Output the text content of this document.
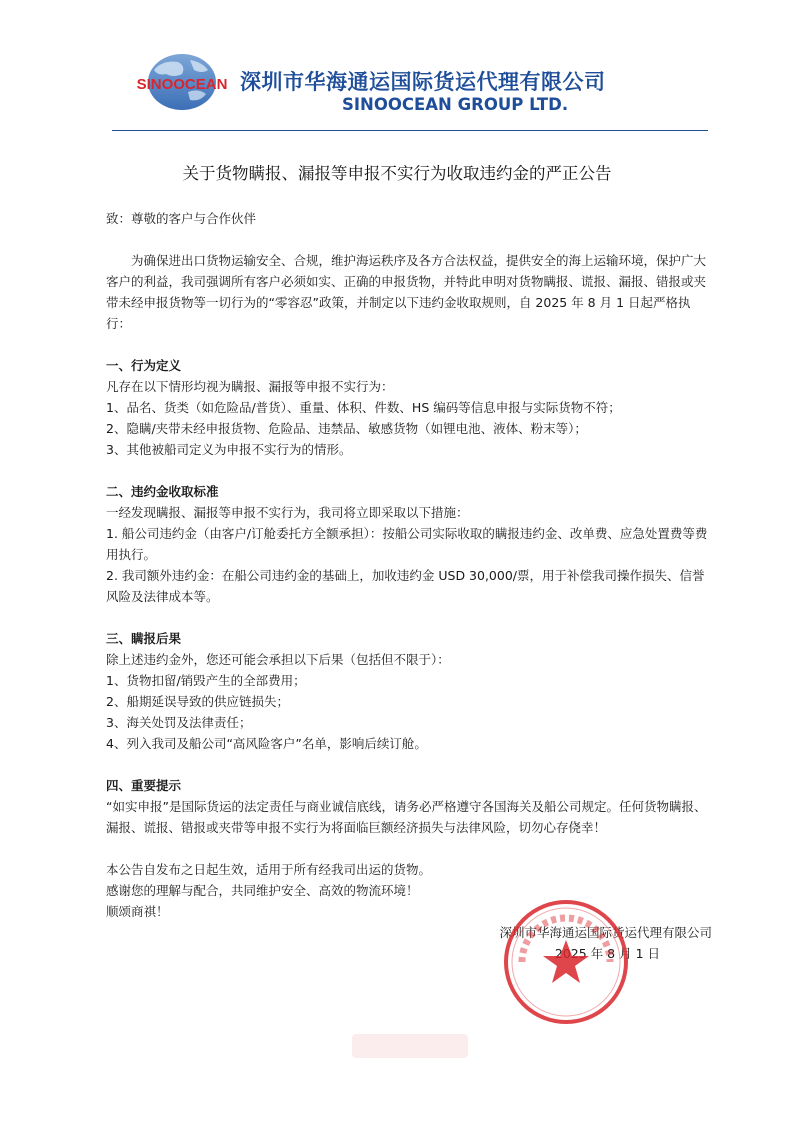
SINOOCEAN 深圳市华海通运国际货运代理有限公司
SINOOCEAN GROUP LTD.
关于货物瞒报、漏报等申报不实行为收取违约金的严正公告

致：尊敬的客户与合作伙伴

为确保进出口货物运输安全、合规，维护海运秩序及各方合法权益，提供安全的海上运输环境，保护广大客户的利益，我司强调所有客户必须如实、正确的申报货物，并特此申明对货物瞒报、谎报、漏报、错报或夹带未经申报货物等一切行为的“零容忍”政策，并制定以下违约金收取规则，自 2025 年 8 月 1 日起严格执行：

一、行为定义

凡存在以下情形均视为瞒报、漏报等申报不实行为：

1、品名、货类（如危险品/普货）、重量、体积、件数、HS 编码等信息申报与实际货物不符；

2、隐瞒/夹带未经申报货物、危险品、违禁品、敏感货物（如锂电池、液体、粉末等）；

3、其他被船司定义为申报不实行为的情形。

二、违约金收取标准

一经发现瞒报、漏报等申报不实行为，我司将立即采取以下措施：

1. 船公司违约金（由客户/订舱委托方全额承担）：按船公司实际收取的瞒报违约金、改单费、应急处置费等费用执行。

2. 我司额外违约金：在船公司违约金的基础上，加收违约金 USD 30,000/票，用于补偿我司操作损失、信誉风险及法律成本等。

三、瞒报后果

除上述违约金外，您还可能会承担以下后果（包括但不限于）：

1、货物扣留/销毁产生的全部费用；

2、船期延误导致的供应链损失；

3、海关处罚及法律责任；

4、列入我司及船公司“高风险客户”名单，影响后续订舱。

四、重要提示

“如实申报”是国际货运的法定责任与商业诚信底线，请务必严格遵守各国海关及船公司规定。任何货物瞒报、漏报、谎报、错报或夹带等申报不实行为将面临巨额经济损失与法律风险，切勿心存侥幸！

本公告自发布之日起生效，适用于所有经我司出运的货物。

感谢您的理解与配合，共同维护安全、高效的物流环境！

顺颂商祺！

深圳市华海通运国际货运代理有限公司

2025 年 8 月 1 日
